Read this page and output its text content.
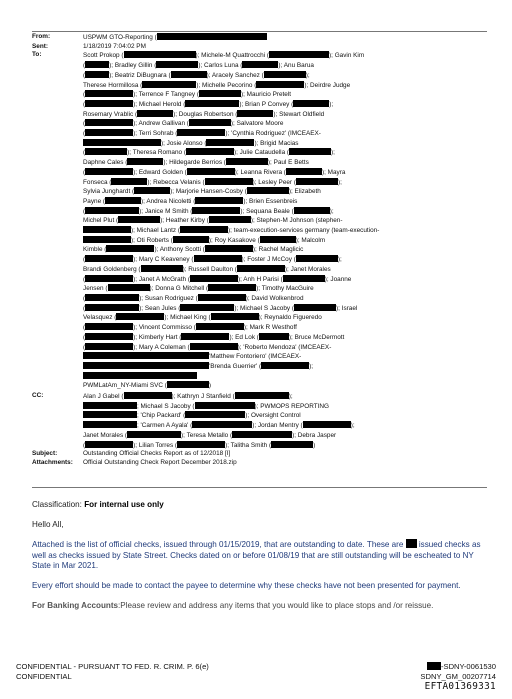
From:	USPWM GTO-Reporting (
Sent:	1/18/2019 7:04:02 PM
To:	Scott Prokop (	); Michele-M Quattrocchi (	); Gavin Kim
(	); Bradley Gillin (	); Carlos Luna (	); Anu Barua
(	); Beatriz DiBugnara (	); Aracely Sanchez (	);
Therese Hormillosa (	); Michelle Pecorino (	); Deirdre Judge
(	); Terrence F Tangney (	); Mauricio Pretelt
(	); Michael Herold (	); Brian P Convey (	);
Rosemary Vrablic (	); Douglas Robertson (	); Stewart Oldfield
(	); Andrew Gallivan (	); Salvatore Moore
(	); Terri Sohrab (	); 'Cynthia Rodriguez' (IMCEAEX-
); Josie Alonso (	); Brigid Macias
(	); Theresa Romano (	); Julie Cataudella (	);
Daphne Cales (	); Hildegarde Berrios (	); Paul E Betts
(	); Edward Golden (	); Leanna Rivera (	); Mayra
Fonseca (	); Rebecca Velanis (	); Lesley Peer (	);
Sylvia Junghardt (	); Marjorie Hansen-Cosby (	); Elizabeth
Payne (	); Andrea Nicoletti (	); Brien Essenbreis
(	); Janice M Smith (	); Sequana Beale (	);
Michel Plut (	); Heather Kirby (	); Stephen-M Johnson (stephen-
); Michael Lantz (	); team-execution-services germany (team-execution-
); Oti Roberts (	); Roy Kasakove (	); Malcolm
Kimble (	); Anthony Scotti (	); Rachel Maglicic
(	); Mary C Keaveney (	); Foster J McCoy (	);
Brandi Goldenberg (	); Russell Daulton (	); Janet Morales
(	); Janet A McGrath (	); Anh H Parisi (	); Joanne
Jensen (	); Donna G Mitchell (	); Timothy MacGuire
(	); Susan Rodriguez (	); David Wolkenbrod
(	); Sean Jules (	); Michael S Jacoby (	); Israel
Velasquez (	); Michael King (	); Reynaldo Figueredo
(	); Vincent Commisso (	); Mark R Westhoff
(	); Kimberly Hart (	); Ed Lok (	); Bruce McDermott
(	); Mary A Coleman (	); 'Roberto Mendoza' (IMCEAEX-
'Matthew Fontoriero' (IMCEAEX-
'Brenda Guerrier' (	);
PWMLatAm_NY-Miami SVC (	)
CC:	Alan J Gabel (	); Kathryn J Stanfield (	);
; Michael S Jacoby (	); PWMOPS REPORTING
; 'Chip Packard' (	); Oversight Control
; 'Carmen A Ayala' (	); Jordan Mentry (	);
Janet Morales (	); Teresa Metallo (	); Debra Jasper
(	); Lilian Torres (	); Talitha Smith (	)
Subject:	Outstanding Official Checks Report as of 12/2018 [I]
Attachments:	Official Outstanding Check Report December 2018.zip

Classification: For internal use only

Hello All,

Attached is the list of official checks, issued through 01/15/2019, that are outstanding to date. These are issued checks as well as checks issued by State Street. Checks dated on or before 01/08/19 that are still outstanding will be escheated to NY State in Mar 2021.

Every effort should be made to contact the payee to determine why these checks have not been presented for payment.

For Banking Accounts:Please review and address any items that you would like to place stops and /or reissue.

CONFIDENTIAL - PURSUANT TO FED. R. CRIM. P. 6(e)
CONFIDENTIAL
-SDNY-0061530
SDNY_GM_00207714
EFTA01369331
